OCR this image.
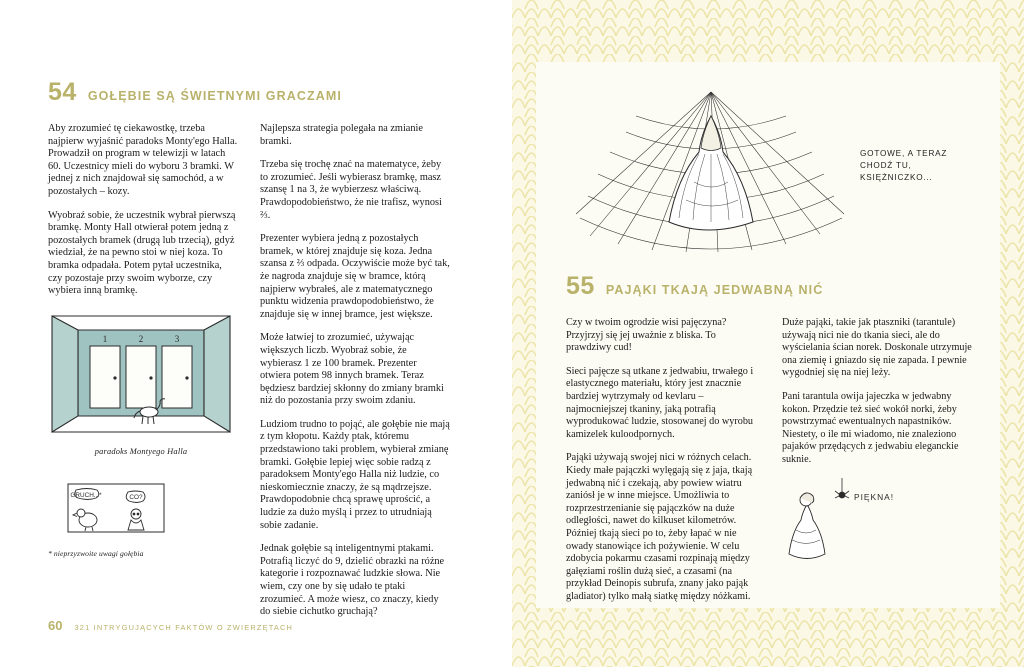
54 GOŁĘBIE SĄ ŚWIETNYMI GRACZAMI

Aby zrozumieć tę ciekawostkę, trzeba najpierw wyjaśnić paradoks Monty'ego Halla. Prowadził on program w telewizji w latach 60. Uczestnicy mieli do wyboru 3 bramki. W jednej z nich znajdował się samochód, a w pozostałych – kozy.

Wyobraź sobie, że uczestnik wybrał pierwszą bramkę. Monty Hall otwierał potem jedną z pozostałych bramek (drugą lub trzecią), gdyż wiedział, że na pewno stoi w niej koza. To bramka odpadała. Potem pytał uczestnika, czy pozostaje przy swoim wyborze, czy wybiera inną bramkę.

1	2	3
paradoks Montyego Halla
GRUCH...*	CO?
* nieprzyzwoite uwagi gołębia

Najlepsza strategia polegała na zmianie bramki.

Trzeba się trochę znać na matematyce, żeby to zrozumieć. Jeśli wybierasz bramkę, masz szansę 1 na 3, że wybierzesz właściwą. Prawdopodobieństwo, że nie trafisz, wynosi ⅔.

Prezenter wybiera jedną z pozostałych bramek, w której znajduje się koza. Jedna szansa z ⅔ odpada. Oczywiście może być tak, że nagroda znajduje się w bramce, którą najpierw wybrałeś, ale z matematycznego punktu widzenia prawdopodobieństwo, że znajduje się w innej bramce, jest większe.

Może łatwiej to zrozumieć, używając większych liczb. Wyobraź sobie, że wybierasz 1 ze 100 bramek. Prezenter otwiera potem 98 innych bramek. Teraz będziesz bardziej skłonny do zmiany bramki niż do pozostania przy swoim zdaniu.

Ludziom trudno to pojąć, ale gołębie nie mają z tym kłopotu. Każdy ptak, któremu przedstawiono taki problem, wybierał zmianę bramki. Gołębie lepiej więc sobie radzą z paradoksem Monty'ego Halla niż ludzie, co nieskomiecznie znaczy, że są mądrzejsze. Prawdopodobnie chcą sprawę uprościć, a ludzie za dużo myślą i przez to utrudniają sobie zadanie.

Jednak gołębie są inteligentnymi ptakami. Potrafią liczyć do 9, dzielić obrazki na różne kategorie i rozpoznawać ludzkie słowa. Nie wiem, czy one by się udało te ptaki zrozumieć. A może wiesz, co znaczy, kiedy do siebie cichutko gruchają?

60 321 INTRYGUJĄCYCH FAKTÓW O ZWIERZĘTACH
GOTOWE, A TERAZ CHODŹ TU, KSIĘŻNICZKO...
55 PAJĄKI TKAJĄ JEDWABNĄ NIĆ

Czy w twoim ogrodzie wisi pajęczyna? Przyjrzyj się jej uważnie z bliska. To prawdziwy cud!

Sieci pajęcze są utkane z jedwabiu, trwałego i elastycznego materiału, który jest znacznie bardziej wytrzymały od kevlaru – najmocniejszej tkaniny, jaką potrafią wyprodukować ludzie, stosowanej do wyrobu kamizelek kuloodpornych.

Pająki używają swojej nici w różnych celach. Kiedy małe pajączki wylęgają się z jaja, tkają jedwabną nić i czekają, aby powiew wiatru zaniósł je w inne miejsce. Umożliwia to rozprzestrzenianie się pajączków na duże odległości, nawet do kilkuset kilometrów. Później tkają sieci po to, żeby łapać w nie owady stanowiące ich pożywienie. W celu zdobycia pokarmu czasami rozpinają między gałęziami roślin dużą sieć, a czasami (na przykład Deinopis subrufa, znany jako pająk gladiator) tylko małą siatkę między nóżkami.

Duże pająki, takie jak ptaszniki (tarantule) używają nici nie do tkania sieci, ale do wyścielania ścian norek. Doskonale utrzymuje ona ziemię i gniazdo się nie zapada. I pewnie wygodniej się na niej leży.

Pani tarantula owija jajeczka w jedwabny kokon. Przędzie też sieć wokół norki, żeby powstrzymać ewentualnych napastników. Niestety, o ile mi wiadomo, nie znaleziono pajaków przędących z jedwabiu eleganckie suknie.

PIĘKNA!
